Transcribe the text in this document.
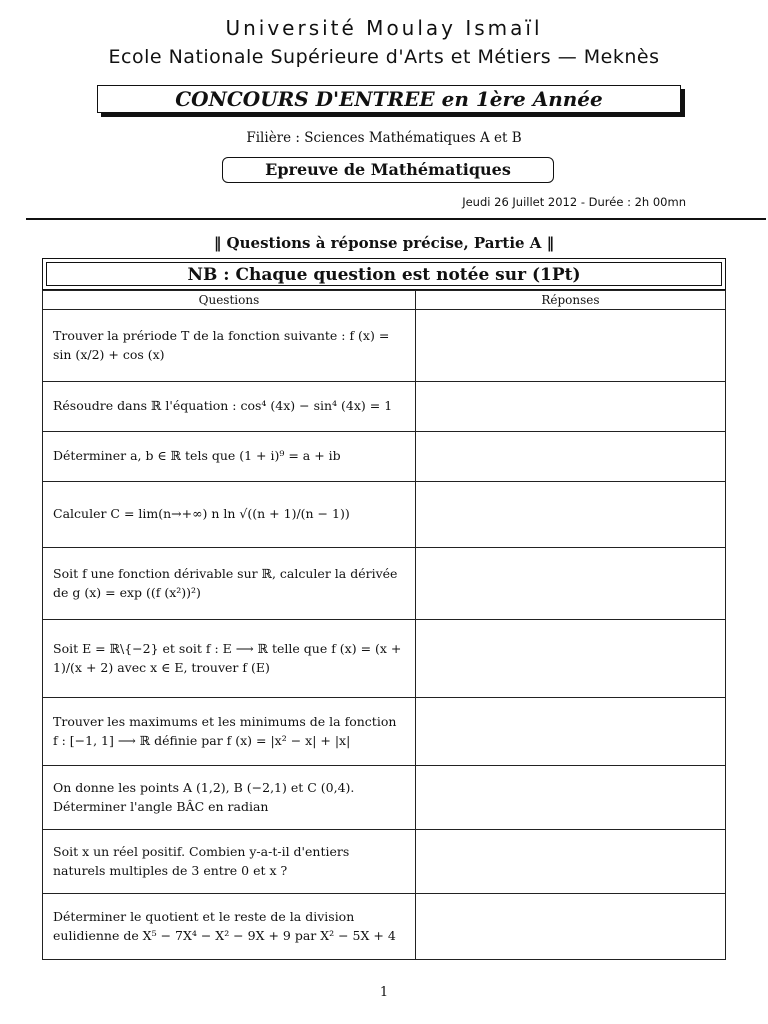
Université Moulay Ismaïl
Ecole Nationale Supérieure d'Arts et Métiers — Meknès
CONCOURS D'ENTREE en 1ère Année
Filière : Sciences Mathématiques A et B
Epreuve de Mathématiques
Jeudi 26 Juillet 2012 - Durée : 2h 00mn
‖ Questions à réponse précise, Partie A ‖
NB : Chaque question est notée sur (1Pt)
Questions	Réponses
Trouver la prériode T de la fonction suivante : f (x) = sin (x/2) + cos (x)	
Résoudre dans ℝ l'équation : cos⁴ (4x) − sin⁴ (4x) = 1	
Déterminer a, b ∈ ℝ tels que (1 + i)⁹ = a + ib	
Calculer C = lim(n→+∞) n ln √((n + 1)/(n − 1))	
Soit f une fonction dérivable sur ℝ, calculer la dérivée de g (x) = exp ((f (x²))²)	
Soit E = ℝ\{−2} et soit f : E ⟶ ℝ telle que f (x) = (x + 1)/(x + 2) avec x ∈ E, trouver f (E)	
Trouver les maximums et les minimums de la fonction f : [−1, 1] ⟶ ℝ définie par f (x) = |x² − x| + |x|	
On donne les points A (1,2), B (−2,1) et C (0,4). Déterminer l'angle BÂC en radian	
Soit x un réel positif. Combien y-a-t-il d'entiers naturels multiples de 3 entre 0 et x ?	
Déterminer le quotient et le reste de la division eulidienne de X⁵ − 7X⁴ − X² − 9X + 9 par X² − 5X + 4	
1
